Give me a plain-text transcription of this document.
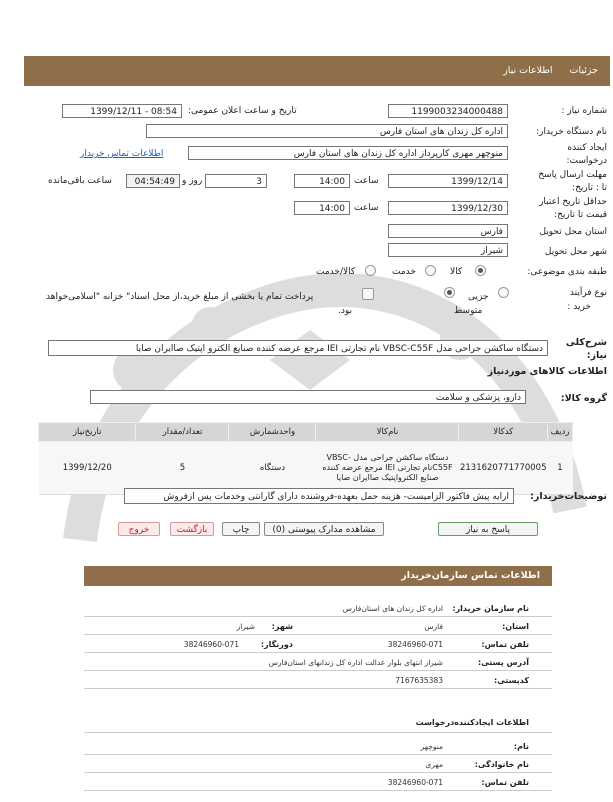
جزئیات اطلاعات نیاز
شماره نیاز :
1199003234000488
تاریخ و ساعت اعلان عمومی:
1399/12/11 - 08:54
نام دستگاه خریدار:
اداره کل زندان های استان فارس
ایجاد کننده
درخواست:
منوچهر مهری کارپرداز اداره کل زندان های استان فارس
اطلاعات تماس خریدار
مهلت ارسال پاسخ
تا : تاریخ:
1399/12/14
ساعت
14:00
3
روز و
04:54:49
ساعت باقی‌مانده
حداقل تاریخ اعتبار
قیمت تا تاریخ:
1399/12/30
ساعت
14:00
استان محل تحویل
فارس
شهر محل تحویل
شیراز
طبقه بندی موضوعی:
کالا
خدمت
کالا/خدمت
نوع فرآیند
خرید :
جزیی
متوسط
پرداخت تمام یا بخشی از مبلغ خرید،از محل اسناد" خزانه "اسلامی‌خواهد
بود.
شرح‌کلی
نیاز:
دستگاه ساکشن جراحی مدل VBSC-C55F نام تجارتی IEI مرجع عرضه کننده صنایع الکترو اپتیک صاایران صایا
اطلاعات کالاهای موردنیاز
گروه کالا:
دارو، پزشکی و سلامت
ردیف	کدکالا	نام‌کالا	واحدشمارش	تعداد/مقدار	تاریخ‌نیاز
1	2131620771770005	دستگاه ساکشن جراحی مدل VBSC-C55Fنام تجارتی IEI مرجع عرضه کننده صنایع الکترواپتیک صاایران صایا	دستگاه	5	1399/12/20
توضیحات‌خریدار:
ارایه پیش فاکتور الزامیست- هزینه حمل بعهده-فروشنده دارای گارانتی وخدمات پس ازفروش
پاسخ به نیاز
مشاهده مدارک پیوستی (0)
چاپ
بازگشت
خروج
اطلاعات تماس سازمان‌خریدار
نام سازمان خریدار:
اداره کل زندان های استان‌فارس
استان:
فارس
شهر:
شیراز
تلفن تماس:
38246960-071
دورنگار:
38246960-071
آدرس پستی:
شیراز انتهای بلوار عدالت اداره کل زندانهای استان‌فارس
کدپستی:
7167635383
اطلاعات ایجادکننده‌درخواست
نام:
منوچهر
نام خانوادگی:
مهری
تلفن تماس:
38246960-071
